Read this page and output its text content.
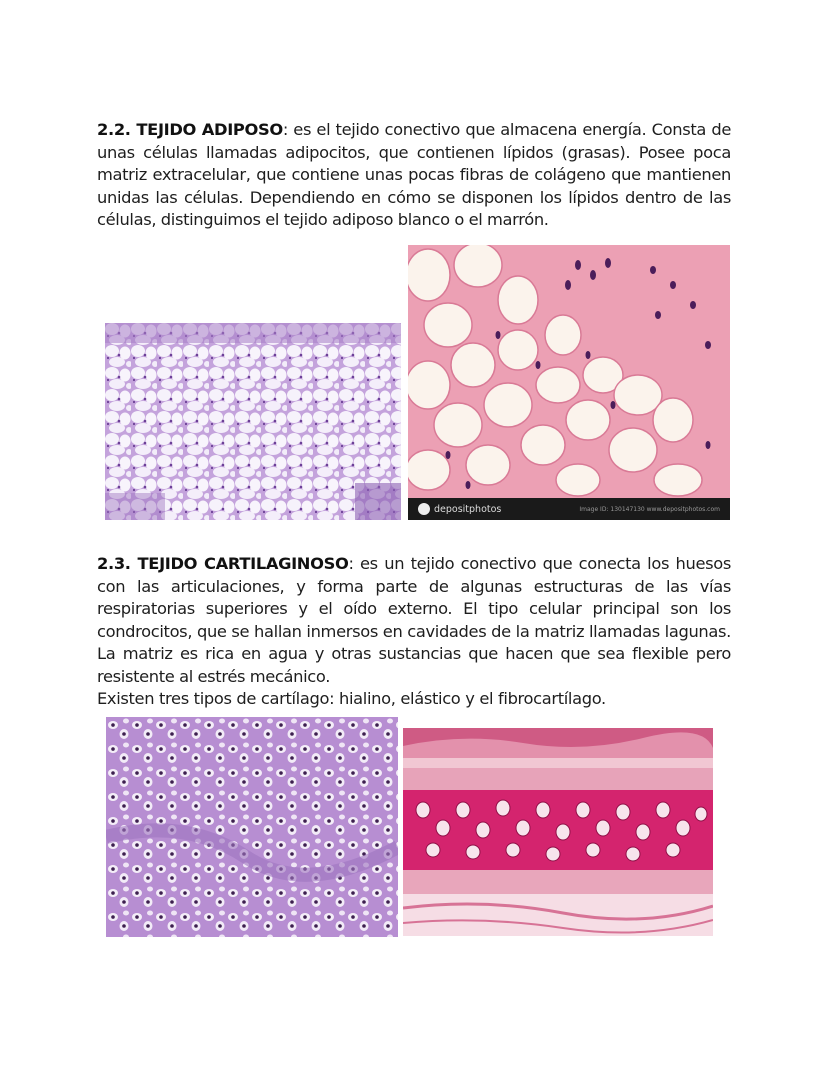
2.2. TEJIDO ADIPOSO: es el tejido conectivo que almacena energía. Consta de unas células llamadas adipocitos, que contienen lípidos (grasas). Posee poca matriz extracelular, que contiene unas pocas fibras de colágeno que mantienen unidas las células. Dependiendo en cómo se disponen los lípidos dentro de las células, distinguimos el tejido adiposo blanco o el marrón.
depositphotos	Image ID: 130147130 www.depositphotos.com
2.3. TEJIDO CARTILAGINOSO: es un tejido conectivo que conecta los huesos con las articulaciones, y forma parte de algunas estructuras de las vías respiratorias superiores y el oído externo. El tipo celular principal son los condrocitos, que se hallan inmersos en cavidades de la matriz llamadas lagunas. La matriz es rica en agua y otras sustancias que hacen que sea flexible pero resistente al estrés mecánico.
Existen tres tipos de cartílago: hialino, elástico y el fibrocartílago.
